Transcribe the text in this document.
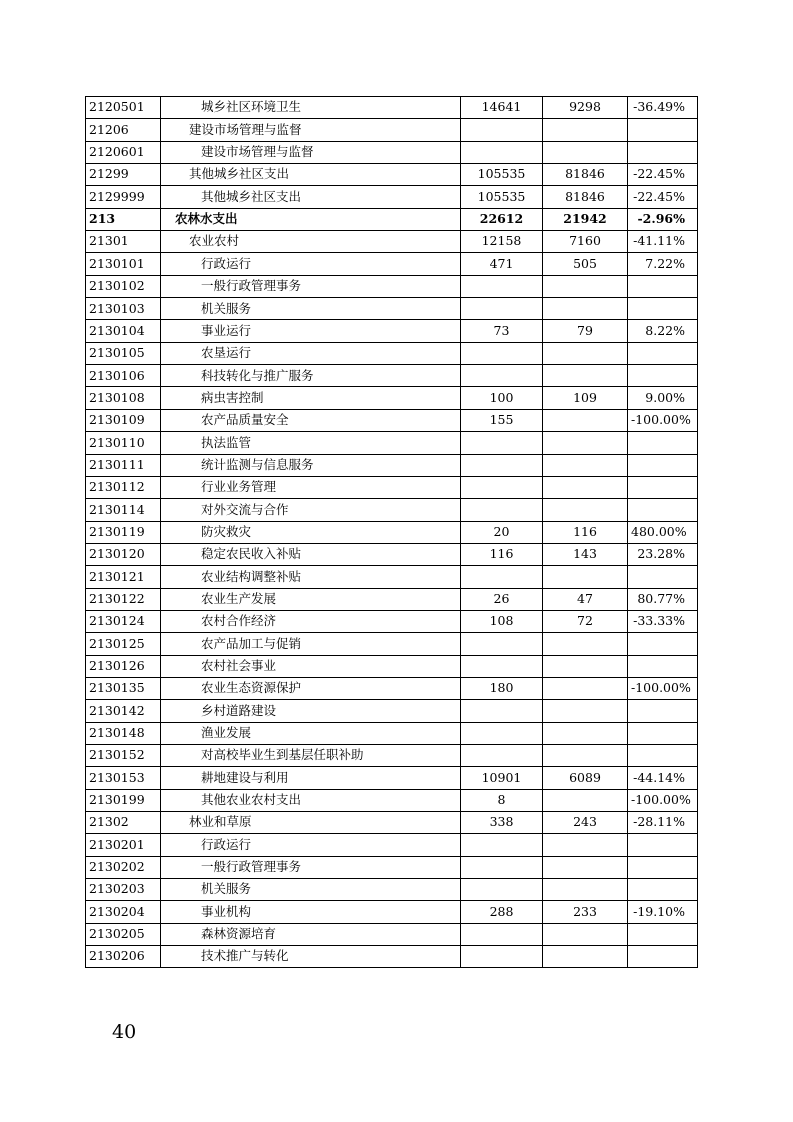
2120501	城乡社区环境卫生	14641	9298	-36.49%
21206	建设市场管理与监督			
2120601	建设市场管理与监督			
21299	其他城乡社区支出	105535	81846	-22.45%
2129999	其他城乡社区支出	105535	81846	-22.45%
213	农林水支出	22612	21942	-2.96%
21301	农业农村	12158	7160	-41.11%
2130101	行政运行	471	505	7.22%
2130102	一般行政管理事务			
2130103	机关服务			
2130104	事业运行	73	79	8.22%
2130105	农垦运行			
2130106	科技转化与推广服务			
2130108	病虫害控制	100	109	9.00%
2130109	农产品质量安全	155		-100.00%
2130110	执法监管			
2130111	统计监测与信息服务			
2130112	行业业务管理			
2130114	对外交流与合作			
2130119	防灾救灾	20	116	480.00%
2130120	稳定农民收入补贴	116	143	23.28%
2130121	农业结构调整补贴			
2130122	农业生产发展	26	47	80.77%
2130124	农村合作经济	108	72	-33.33%
2130125	农产品加工与促销			
2130126	农村社会事业			
2130135	农业生态资源保护	180		-100.00%
2130142	乡村道路建设			
2130148	渔业发展			
2130152	对高校毕业生到基层任职补助			
2130153	耕地建设与利用	10901	6089	-44.14%
2130199	其他农业农村支出	8		-100.00%
21302	林业和草原	338	243	-28.11%
2130201	行政运行			
2130202	一般行政管理事务			
2130203	机关服务			
2130204	事业机构	288	233	-19.10%
2130205	森林资源培育			
2130206	技术推广与转化			
40
